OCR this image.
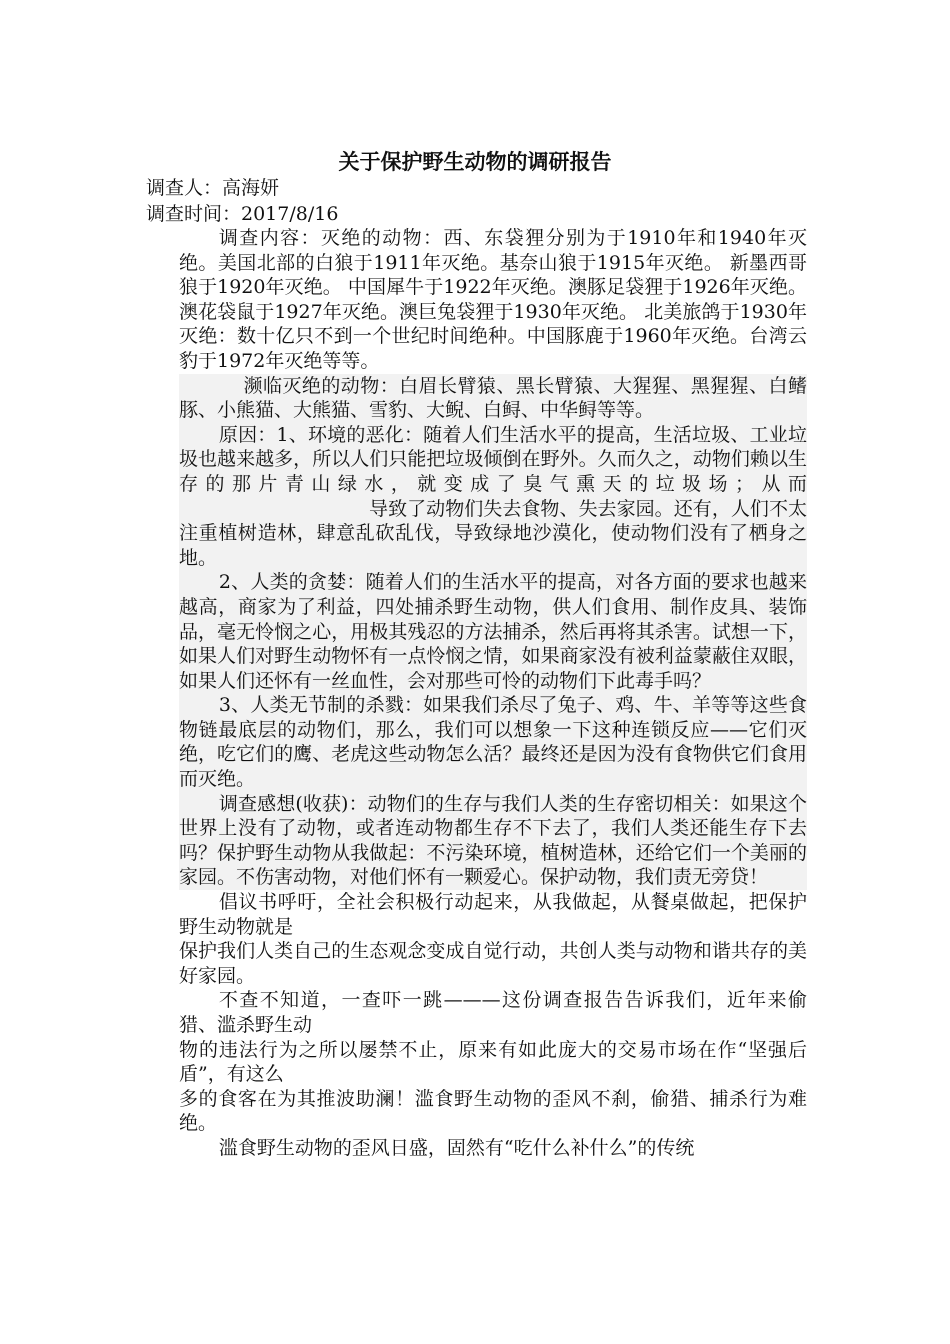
关于保护野生动物的调研报告
调查人：高海妍
调查时间：2017/8/16

调查内容：灭绝的动物：西、东袋狸分别为于1910年和1940年灭绝。美国北部的白狼于1911年灭绝。基奈山狼于1915年灭绝。 新墨西哥狼于1920年灭绝。 中国犀牛于1922年灭绝。澳豚足袋狸于1926年灭绝。澳花袋鼠于1927年灭绝。澳巨兔袋狸于1930年灭绝。 北美旅鸽于1930年灭绝：数十亿只不到一个世纪时间绝种。中国豚鹿于1960年灭绝。台湾云豹于1972年灭绝等等。

濒临灭绝的动物：白眉长臂猿、黑长臂猿、大猩猩、黑猩猩、白鳍豚、小熊猫、大熊猫、雪豹、大鲵、白鲟、中华鲟等等。

原因：1、环境的恶化：随着人们生活水平的提高，生活垃圾、工业垃圾也越来越多，所以人们只能把垃圾倾倒在野外。久而久之，动物们赖以生存的那片青山绿水，就变成了臭气熏天的垃圾场；从而导致了动物们失去食物、失去家园。还有，人们不太注重植树造林，肆意乱砍乱伐，导致绿地沙漠化，使动物们没有了栖身之地。

2、人类的贪婪：随着人们的生活水平的提高，对各方面的要求也越来越高，商家为了利益，四处捕杀野生动物，供人们食用、制作皮具、装饰品，毫无怜悯之心，用极其残忍的方法捕杀，然后再将其杀害。试想一下，如果人们对野生动物怀有一点怜悯之情，如果商家没有被利益蒙蔽住双眼，如果人们还怀有一丝血性，会对那些可怜的动物们下此毒手吗？

3、人类无节制的杀戮：如果我们杀尽了兔子、鸡、牛、羊等等这些食物链最底层的动物们，那么，我们可以想象一下这种连锁反应——它们灭绝，吃它们的鹰、老虎这些动物怎么活？最终还是因为没有食物供它们食用而灭绝。

调查感想(收获)：动物们的生存与我们人类的生存密切相关：如果这个世界上没有了动物，或者连动物都生存不下去了，我们人类还能生存下去吗？保护野生动物从我做起：不污染环境，植树造林，还给它们一个美丽的家园。不伤害动物，对他们怀有一颗爱心。保护动物，我们责无旁贷！

倡议书呼吁，全社会积极行动起来，从我做起，从餐桌做起，把保护野生动物就是

保护我们人类自己的生态观念变成自觉行动，共创人类与动物和谐共存的美好家园。

不查不知道，一查吓一跳———这份调查报告告诉我们，近年来偷猎、滥杀野生动

物的违法行为之所以屡禁不止，原来有如此庞大的交易市场在作“坚强后盾”，有这么

多的食客在为其推波助澜！滥食野生动物的歪风不刹，偷猎、捕杀行为难绝。

滥食野生动物的歪风日盛，固然有“吃什么补什么”的传统
